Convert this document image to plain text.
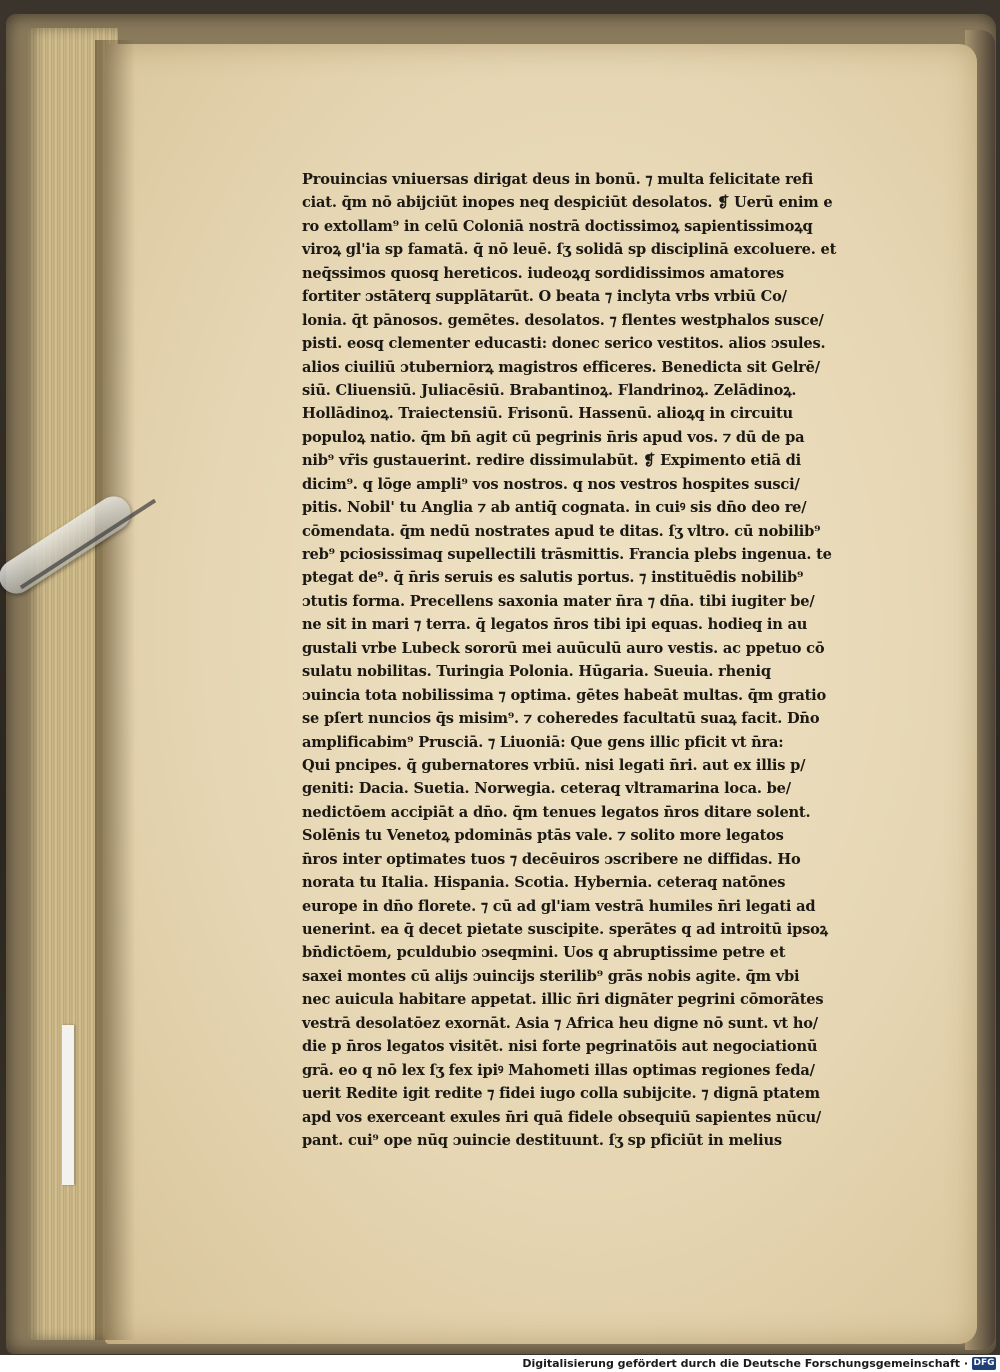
Prouincias vniuersas dirigat deus in bonū. ⁊ multa felicitate refi
ciat. q̄m nō abijciūt inopes neq̧ despiciūt desolatos. ❡ Uerū enim e
ro extollam⁹ in celū Coloniā nostrā doctissimoꝝ sapientissimoꝝq̧
viroꝝ gl'ia sp famatā. q̄ nō leuē. ſʒ solidā sp disciplinā excoluere. et
neq̄ssimos quosq̧ hereticos. iudeoꝝq̧ sordidissimos amatores
fortiter ɔstāterq̧ supplātarūt. O beata ⁊ inclyta vrbs vrbiū Co/
lonia. q̄t pānosos. gemētes. desolatos. ⁊ flentes westphalos susce/
pisti. eosq̧ clementer educasti: donec serico vestitos. alios ɔsules.
alios ciuiliū ɔtuberniorꝝ magistros efficeres. Benedicta sit Gelrē/
siū. Cliuensiū. Juliacēsiū. Brabantinoꝝ. Flandrinoꝝ. Zelādinoꝝ.
Hollādinoꝝ. Traiectensiū. Frisonū. Hassenū. alioꝝq̧ in circuitu
populoꝝ natio. q̄m bn̄ agit cū pegrinis n̄ris apud vos. ⁊ dū de pa
nib⁹ vr̄is gustauerint. redire dissimulabūt. ❡ Expimento etiā di
dicim⁹. q̧ lōge ampli⁹ vos nostros. q̧ nos vestros hospites susci/
pitis. Nobil' tu Anglia ⁊ ab antiq̄ cognata. in cuiꝰ sis dn̄o deo re/
cōmendata. q̄m nedū nostrates apud te ditas. ſʒ vltro. cū nobilib⁹
reb⁹ pciosissimaq̧ supellectili trāsmittis. Francia plebs ingenua. te
ptegat de⁹. q̄ n̄ris seruis es salutis portus. ⁊ instituēdis nobilib⁹
ɔtutis forma. Precellens saxonia mater n̄ra ⁊ dn̄a. tibi iugiter be/
ne sit in mari ⁊ terra. q̄ legatos n̄ros tibi ipi equas. hodieq̧ in au
gustali vrbe Lubeck sororū mei auūculū auro vestis. ac ppetuo cō
sulatu nobilitas. Turingia Polonia. Hūgaria. Sueuia. rheniq̧
ɔuincia tota nobilissima ⁊ optima. gētes habeāt multas. q̄m gratio
se pſert nuncios q̄s misim⁹. ⁊ coheredes facultatū suaꝝ facit. Dn̄o
amplificabim⁹ Prusciā. ⁊ Liuoniā: Que gens illic pficit vt n̄ra:
Qui pncipes. q̄ gubernatores vrbiū. nisi legati n̄ri. aut ex illis p/
geniti: Dacia. Suetia. Norwegia. ceteraq̧ vltramarina loca. be/
nedictōem accipiāt a dn̄o. q̄m tenues legatos n̄ros ditare solent.
Solēnis tu Venetoꝝ pdominās ptās vale. ⁊ solito more legatos
n̄ros inter optimates tuos ⁊ decēuiros ɔscribere ne diffidas. Ho
norata tu Italia. Hispania. Scotia. Hybernia. ceteraq̧ natōnes
europe in dn̄o florete. ⁊ cū ad gl'iam vestrā humiles n̄ri legati ad
uenerint. ea q̄ decet pietate suscipite. sperātes q̧ ad introitū ipsoꝝ
bn̄dictōem, pculdubio ɔseqmini. Uos q̧ abruptissime petre et
saxei montes cū alijs ɔuincijs sterilib⁹ grās nobis agite. q̄m vbi
nec auicula habitare appetat. illic n̄ri dignāter pegrini cōmorātes
vestrā desolatōez exornāt. Asia ⁊ Africa heu digne nō sunt. vt ho/
die p n̄ros legatos visitēt. nisi forte pegrinatōis aut negociationū
grā. eo q̧ nō lex ſʒ fex ipiꝰ Mahometi illas optimas regiones feda/
uerit Redite igit redite ⁊ fidei iugo colla subijcite. ⁊ dignā ptatem
apd vos exerceant exules n̄ri quā fidele obsequiū sapientes nūcu/
pant. cui⁹ ope nūq̧ ɔuincie destituunt. ſʒ sp pficiūt in melius
Digitalisierung gefördert durch die Deutsche Forschungsgemeinschaft · DFG
